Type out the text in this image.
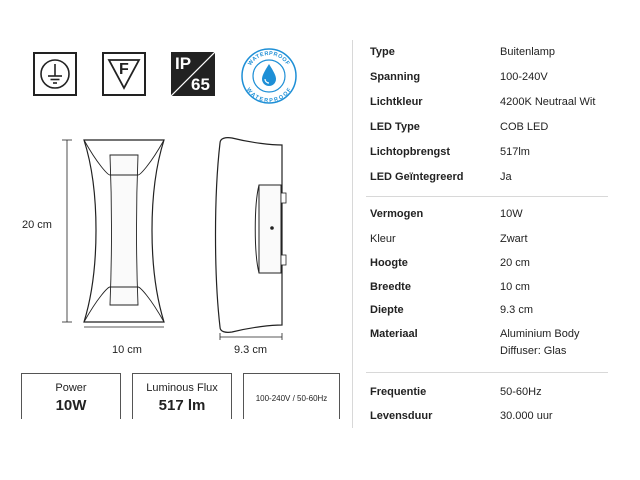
F	IP
65
WATERPROOF
WATERPROOF
20 cm
10 cm	9.3 cm
Power
10W
Luminous Flux
517 lm	100-240V / 50-60Hz
Type	Buitenlamp
Spanning	100-240V
Lichtkleur	4200K Neutraal Wit
LED Type	COB LED
Lichtopbrengst	517lm
LED Geïntegreerd	Ja
Vermogen	10W
Kleur	Zwart
Hoogte	20 cm
Breedte	10 cm
Diepte	9.3 cm
Materiaal	Aluminium Body
Diffuser: Glas
Frequentie	50-60Hz
Levensduur	30.000 uur
